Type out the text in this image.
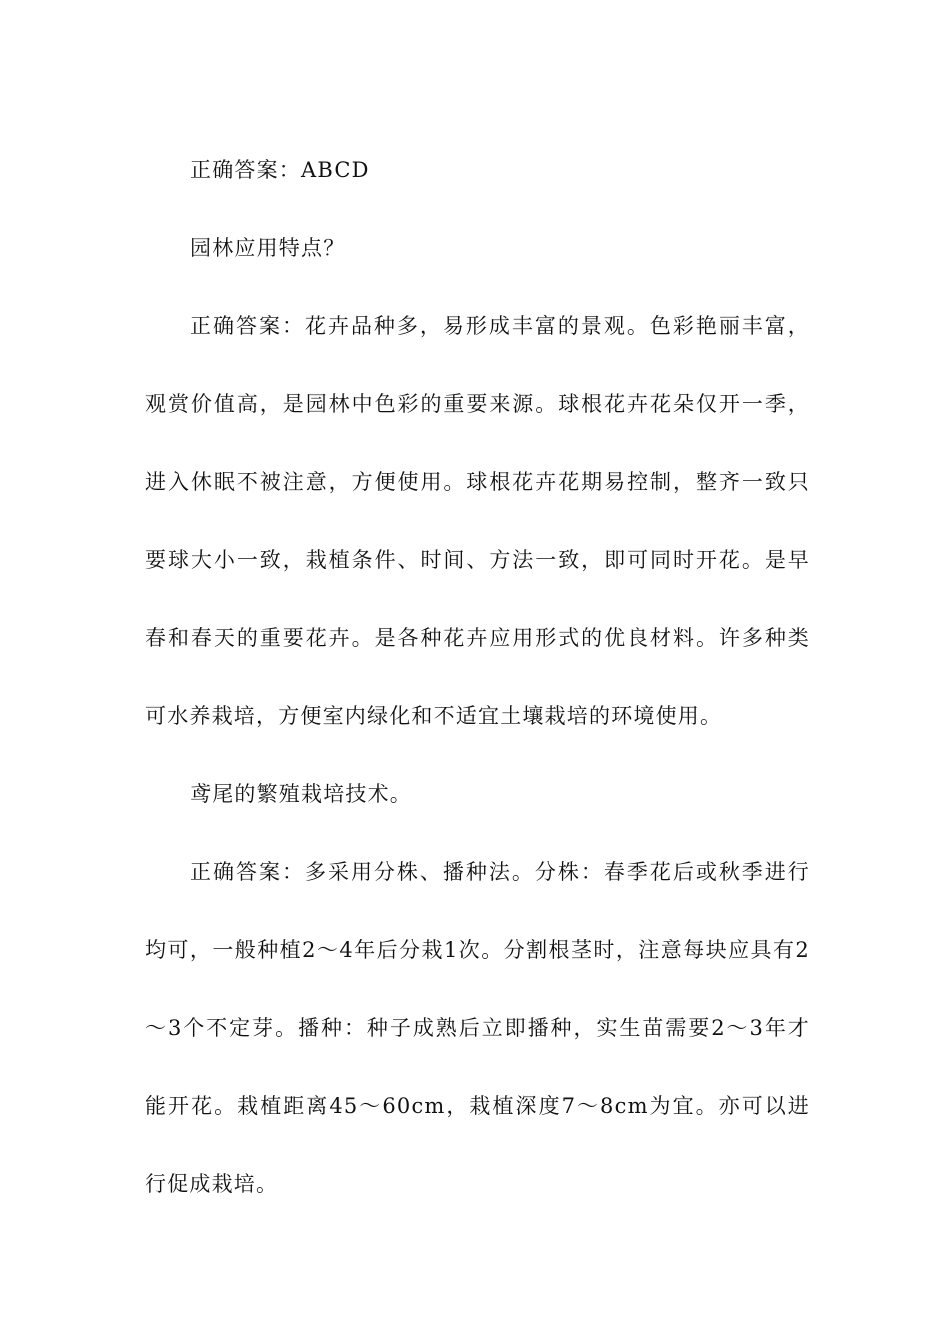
正确答案：ABCD

园林应用特点？

正确答案：花卉品种多，易形成丰富的景观。色彩艳丽丰富，观赏价值高，是园林中色彩的重要来源。球根花卉花朵仅开一季，进入休眠不被注意，方便使用。球根花卉花期易控制，整齐一致只要球大小一致，栽植条件、时间、方法一致，即可同时开花。是早春和春天的重要花卉。是各种花卉应用形式的优良材料。许多种类可水养栽培，方便室内绿化和不适宜土壤栽培的环境使用。

鸢尾的繁殖栽培技术。

正确答案：多采用分株、播种法。分株：春季花后或秋季进行均可，一般种植2～4年后分栽1次。分割根茎时，注意每块应具有2～3个不定芽。播种：种子成熟后立即播种，实生苗需要2～3年才能开花。栽植距离45～60cm，栽植深度7～8cm为宜。亦可以进行促成栽培。
